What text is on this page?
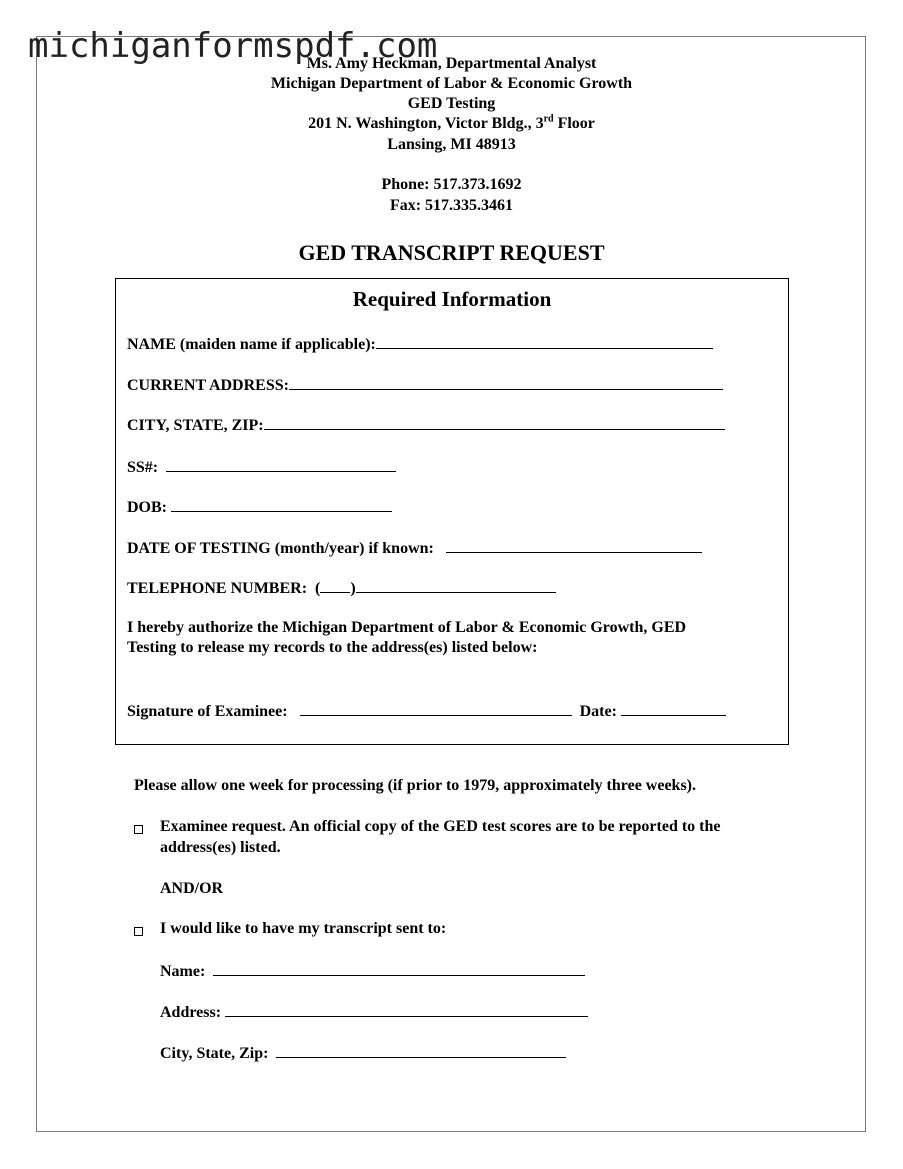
michiganformspdf.com
Ms. Amy Heckman, Departmental Analyst
Michigan Department of Labor & Economic Growth
GED Testing
201 N. Washington, Victor Bldg., 3rd Floor
Lansing, MI 48913
Phone: 517.373.1692
Fax: 517.335.3461
GED TRANSCRIPT REQUEST
Required Information
NAME (maiden name if applicable):
CURRENT ADDRESS:
CITY, STATE, ZIP:
SS#:
DOB:
DATE OF TESTING (month/year) if known:
TELEPHONE NUMBER: ( )
I hereby authorize the Michigan Department of Labor & Economic Growth, GED
Testing to release my records to the address(es) listed below:
Signature of Examinee:	Date:
Please allow one week for processing (if prior to 1979, approximately three weeks).
Examinee request. An official copy of the GED test scores are to be reported to the
address(es) listed.
AND/OR
I would like to have my transcript sent to:
Name:
Address:
City, State, Zip:
